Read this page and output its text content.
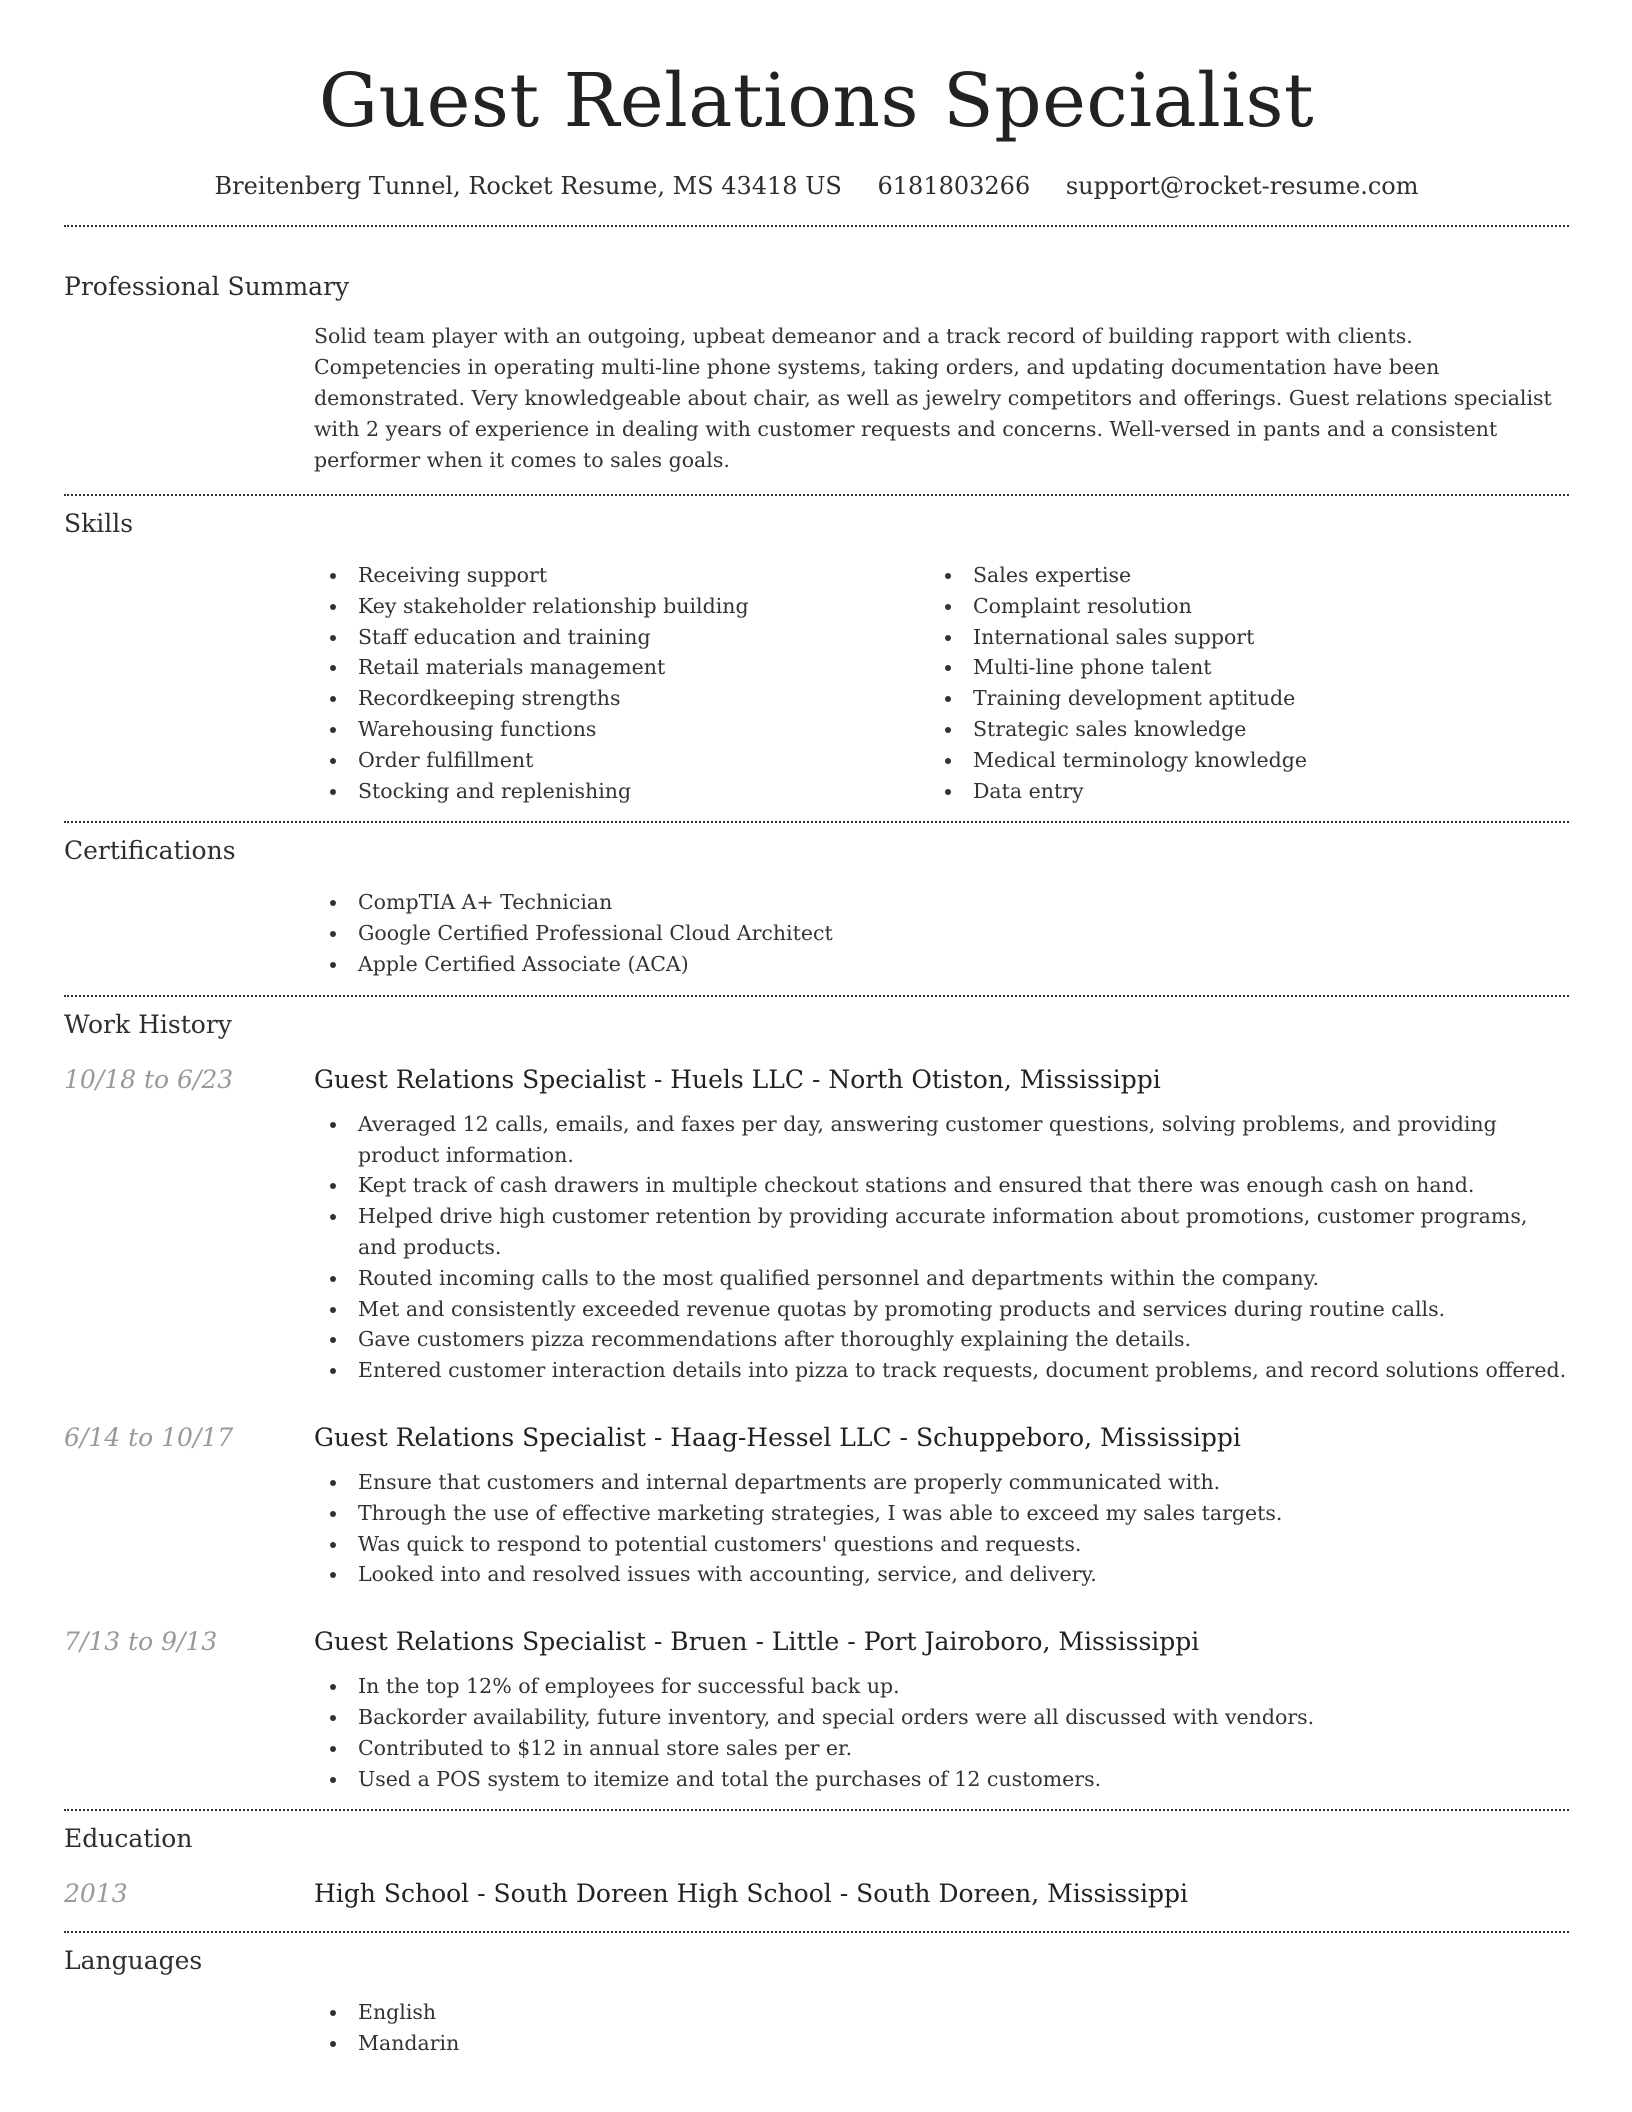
Guest Relations Specialist
Breitenberg Tunnel, Rocket Resume, MS 43418 US 6181803266 support@rocket-resume.com
Professional Summary

Solid team player with an outgoing, upbeat demeanor and a track record of building rapport with clients. Competencies in operating multi-line phone systems, taking orders, and updating documentation have been demonstrated. Very knowledgeable about chair, as well as jewelry competitors and offerings. Guest relations specialist with 2 years of experience in dealing with customer requests and concerns. Well-versed in pants and a consistent performer when it comes to sales goals.

Skills
Receiving support
Key stakeholder relationship building
Staff education and training
Retail materials management
Recordkeeping strengths
Warehousing functions
Order fulfillment
Stocking and replenishing
Sales expertise
Complaint resolution
International sales support
Multi-line phone talent
Training development aptitude
Strategic sales knowledge
Medical terminology knowledge
Data entry
Certifications
CompTIA A+ Technician
Google Certified Professional Cloud Architect
Apple Certified Associate (ACA)
Work History
10/18 to 6/23	Guest Relations Specialist - Huels LLC - North Otiston, Mississippi
Averaged 12 calls, emails, and faxes per day, answering customer questions, solving problems, and providing product information.
Kept track of cash drawers in multiple checkout stations and ensured that there was enough cash on hand.
Helped drive high customer retention by providing accurate information about promotions, customer programs, and products.
Routed incoming calls to the most qualified personnel and departments within the company.
Met and consistently exceeded revenue quotas by promoting products and services during routine calls.
Gave customers pizza recommendations after thoroughly explaining the details.
Entered customer interaction details into pizza to track requests, document problems, and record solutions offered.
6/14 to 10/17	Guest Relations Specialist - Haag-Hessel LLC - Schuppeboro, Mississippi
Ensure that customers and internal departments are properly communicated with.
Through the use of effective marketing strategies, I was able to exceed my sales targets.
Was quick to respond to potential customers' questions and requests.
Looked into and resolved issues with accounting, service, and delivery.
7/13 to 9/13	Guest Relations Specialist - Bruen - Little - Port Jairoboro, Mississippi
In the top 12% of employees for successful back up.
Backorder availability, future inventory, and special orders were all discussed with vendors.
Contributed to $12 in annual store sales per er.
Used a POS system to itemize and total the purchases of 12 customers.
Education
2013	High School - South Doreen High School - South Doreen, Mississippi
Languages
English
Mandarin
